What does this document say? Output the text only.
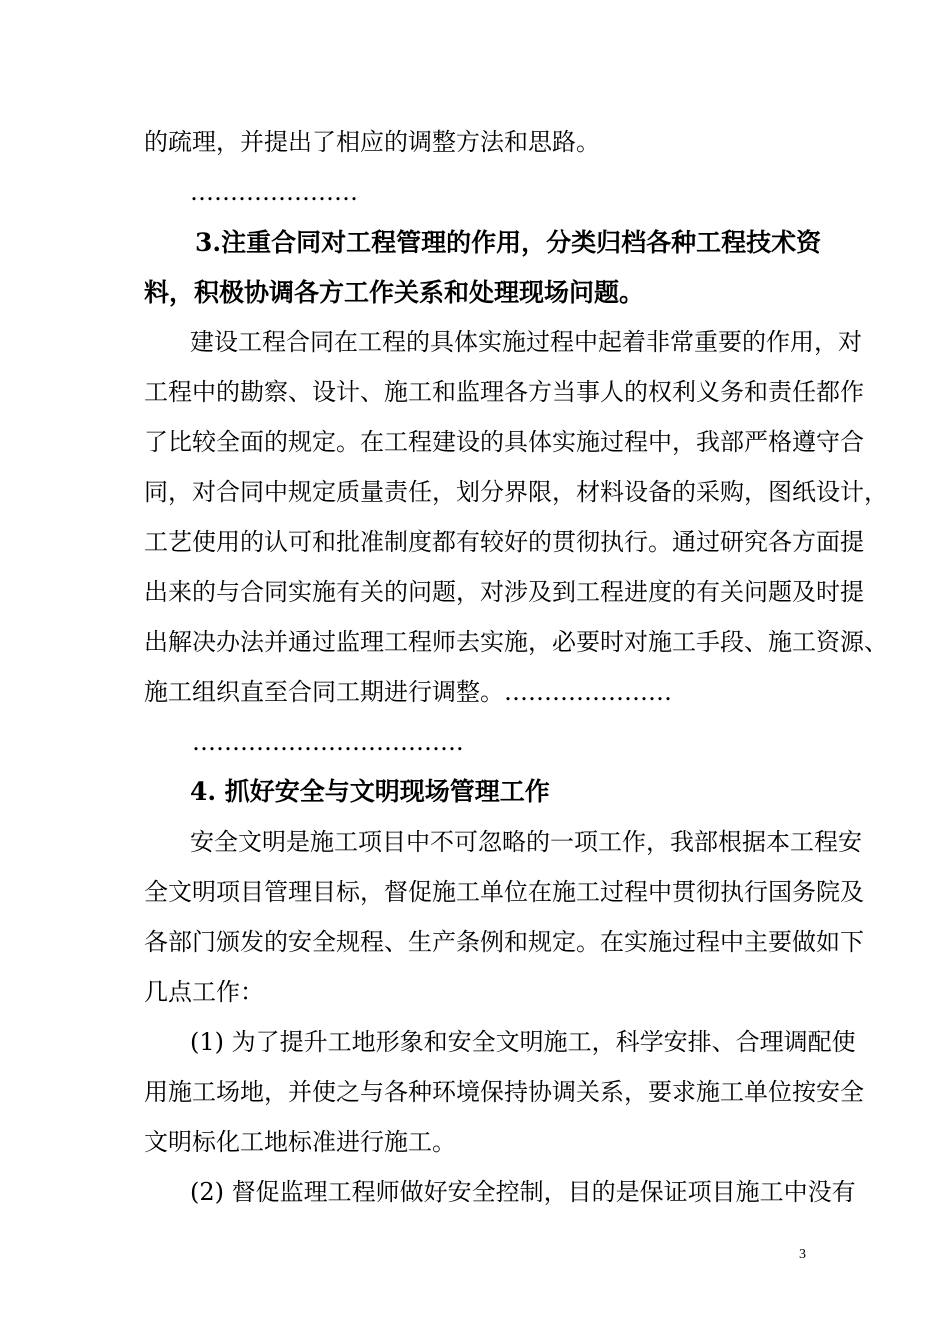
的疏理，并提出了相应的调整方法和思路。
…………………
3.注重合同对工程管理的作用，分类归档各种工程技术资
料，积极协调各方工作关系和处理现场问题。
建设工程合同在工程的具体实施过程中起着非常重要的作用，对
工程中的勘察、设计、施工和监理各方当事人的权利义务和责任都作
了比较全面的规定。在工程建设的具体实施过程中，我部严格遵守合
同，对合同中规定质量责任，划分界限，材料设备的采购，图纸设计，
工艺使用的认可和批准制度都有较好的贯彻执行。通过研究各方面提
出来的与合同实施有关的问题，对涉及到工程进度的有关问题及时提
出解决办法并通过监理工程师去实施，必要时对施工手段、施工资源、
施工组织直至合同工期进行调整。…………………
…………………………….
4. 抓好安全与文明现场管理工作
安全文明是施工项目中不可忽略的一项工作，我部根据本工程安
全文明项目管理目标，督促施工单位在施工过程中贯彻执行国务院及
各部门颁发的安全规程、生产条例和规定。在实施过程中主要做如下
几点工作：
(1) 为了提升工地形象和安全文明施工，科学安排、合理调配使
用施工场地，并使之与各种环境保持协调关系，要求施工单位按安全
文明标化工地标准进行施工。
(2) 督促监理工程师做好安全控制，目的是保证项目施工中没有
3
